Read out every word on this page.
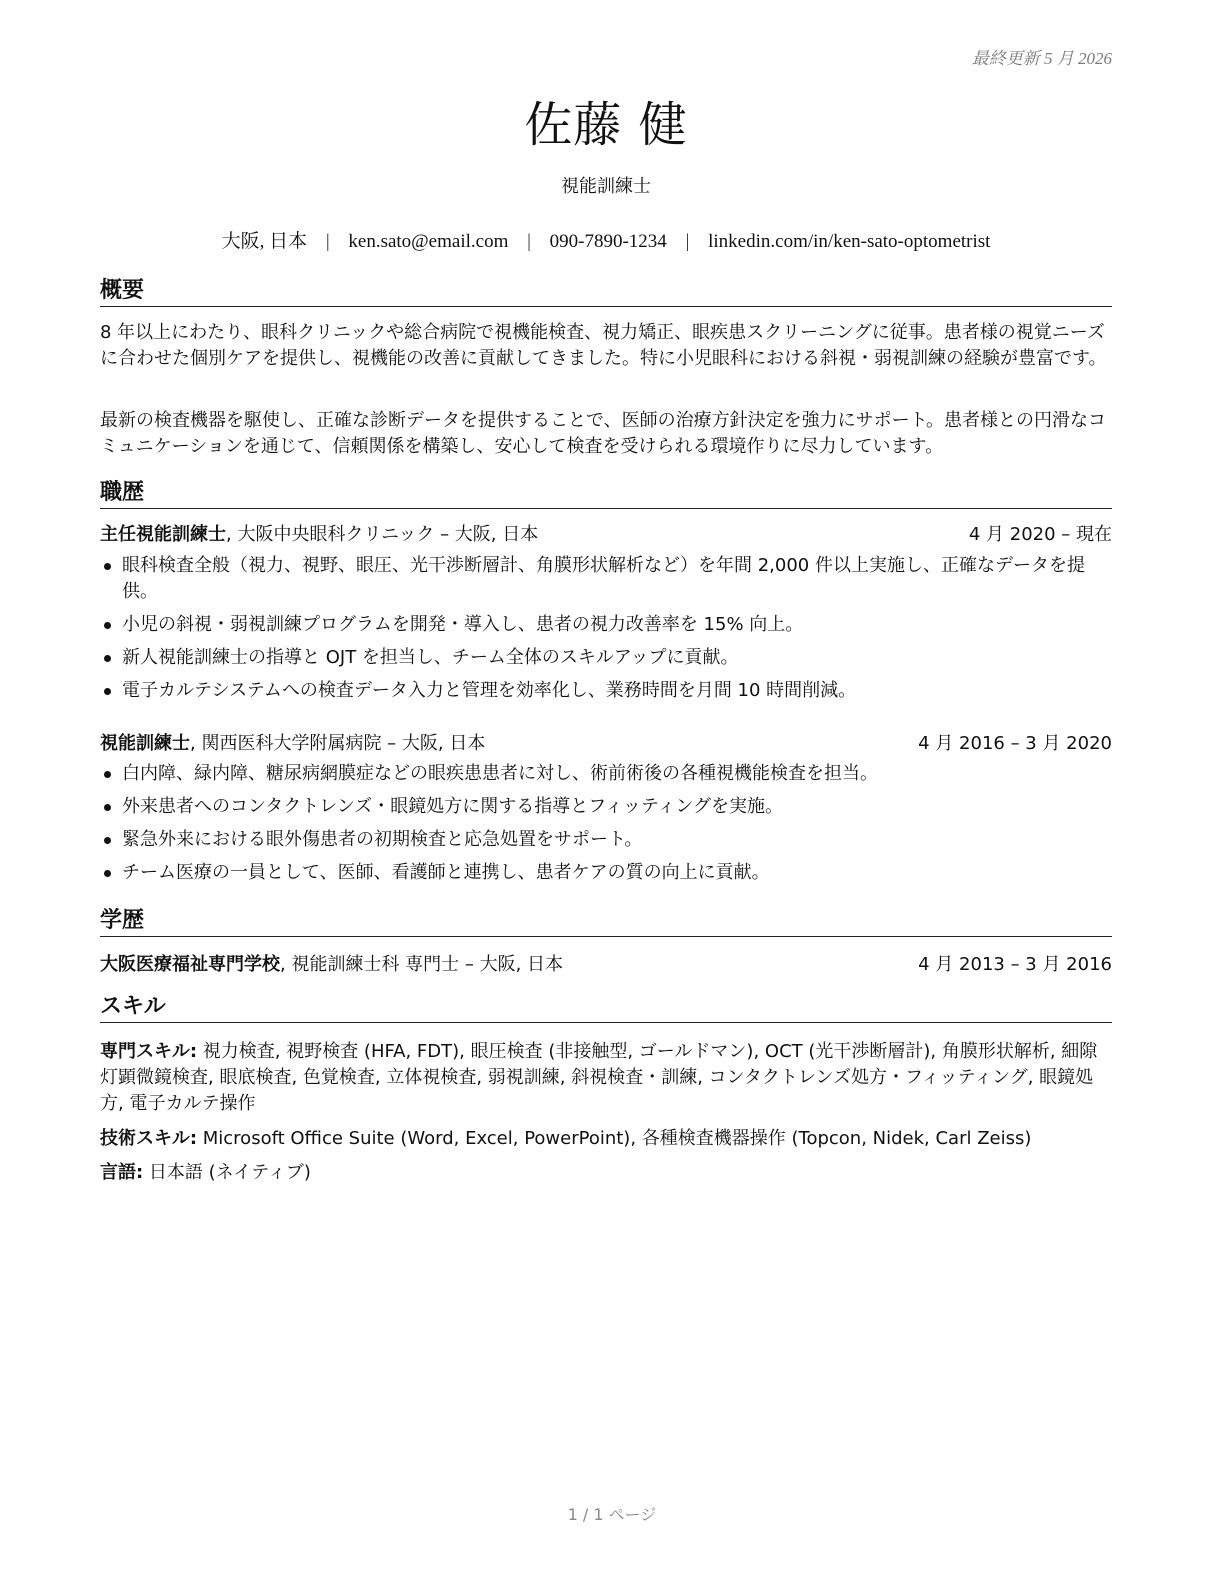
最終更新 5 月 2026
佐藤 健
視能訓練士
大阪, 日本 | ken.sato@email.com | 090-7890-1234 | linkedin.com/in/ken-sato-optometrist
概要

8 年以上にわたり、眼科クリニックや総合病院で視機能検査、視力矯正、眼疾患スクリーニングに従事。患者様の視覚ニーズに合わせた個別ケアを提供し、視機能の改善に貢献してきました。特に小児眼科における斜視・弱視訓練の経験が豊富です。

最新の検査機器を駆使し、正確な診断データを提供することで、医師の治療方針決定を強力にサポート。患者様との円滑なコミュニケーションを通じて、信頼関係を構築し、安心して検査を受けられる環境作りに尽力しています。

職歴
主任視能訓練士, 大阪中央眼科クリニック – 大阪, 日本	4 月 2020 – 現在
眼科検査全般（視力、視野、眼圧、光干渉断層計、角膜形状解析など）を年間 2,000 件以上実施し、正確なデータを提供。
小児の斜視・弱視訓練プログラムを開発・導入し、患者の視力改善率を 15% 向上。
新人視能訓練士の指導と OJT を担当し、チーム全体のスキルアップに貢献。
電子カルテシステムへの検査データ入力と管理を効率化し、業務時間を月間 10 時間削減。
視能訓練士, 関西医科大学附属病院 – 大阪, 日本	4 月 2016 – 3 月 2020
白内障、緑内障、糖尿病網膜症などの眼疾患患者に対し、術前術後の各種視機能検査を担当。
外来患者へのコンタクトレンズ・眼鏡処方に関する指導とフィッティングを実施。
緊急外来における眼外傷患者の初期検査と応急処置をサポート。
チーム医療の一員として、医師、看護師と連携し、患者ケアの質の向上に貢献。
学歴
大阪医療福祉専門学校, 視能訓練士科 専門士 – 大阪, 日本	4 月 2013 – 3 月 2016
スキル

専門スキル: 視力検査, 視野検査 (HFA, FDT), 眼圧検査 (非接触型, ゴールドマン), OCT (光干渉断層計), 角膜形状解析, 細隙灯顕微鏡検査, 眼底検査, 色覚検査, 立体視検査, 弱視訓練, 斜視検査・訓練, コンタクトレンズ処方・フィッティング, 眼鏡処方, 電子カルテ操作

技術スキル: Microsoft Office Suite (Word, Excel, PowerPoint), 各種検査機器操作 (Topcon, Nidek, Carl Zeiss)

言語: 日本語 (ネイティブ)

1 / 1 ページ
